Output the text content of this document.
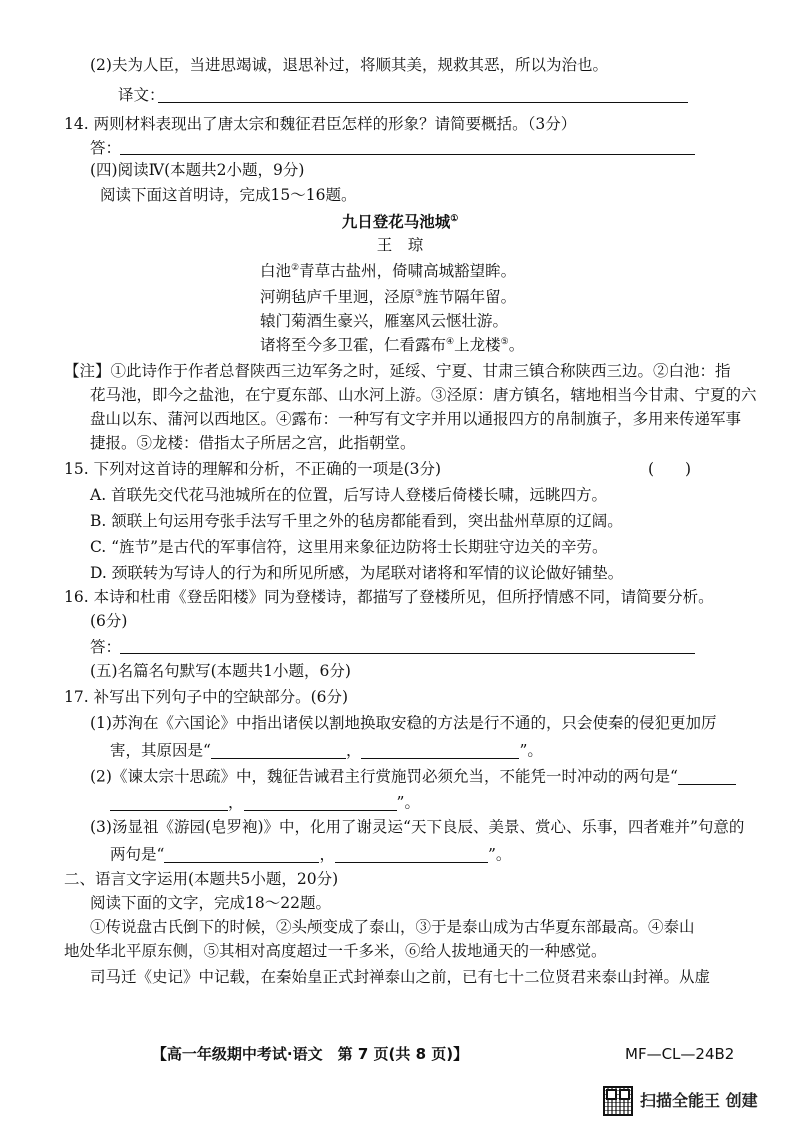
(2)夫为人臣，当进思竭诚，退思补过，将顺其美，规救其恶，所以为治也。
译文：
14. 两则材料表现出了唐太宗和魏征君臣怎样的形象？请简要概括。（3分）
答：
(四)阅读Ⅳ(本题共2小题，9分)
阅读下面这首明诗，完成15～16题。
九日登花马池城①
王　琼
白池②青草古盐州，倚啸高城豁望眸。
河朔毡庐千里迥，泾原③旌节隔年留。
辕门菊酒生豪兴，雁塞风云惬壮游。
诸将至今多卫霍，仁看露布④上龙楼⑤。
【注】①此诗作于作者总督陕西三边军务之时，延绥、宁夏、甘肃三镇合称陕西三边。②白池：指
花马池，即今之盐池，在宁夏东部、山水河上游。③泾原：唐方镇名，辖地相当今甘肃、宁夏的六
盘山以东、蒲河以西地区。④露布：一种写有文字并用以通报四方的帛制旗子，多用来传递军事
捷报。⑤龙楼：借指太子所居之宫，此指朝堂。
15. 下列对这首诗的理解和分析，不正确的一项是(3分)	(　　)
A. 首联先交代花马池城所在的位置，后写诗人登楼后倚楼长啸，远眺四方。
B. 颔联上句运用夸张手法写千里之外的毡房都能看到，突出盐州草原的辽阔。
C. “旌节”是古代的军事信符，这里用来象征边防将士长期驻守边关的辛劳。
D. 颈联转为写诗人的行为和所见所感，为尾联对诸将和军情的议论做好铺垫。
16. 本诗和杜甫《登岳阳楼》同为登楼诗，都描写了登楼所见，但所抒情感不同，请简要分析。
(6分)
答：
(五)名篇名句默写(本题共1小题，6分)
17. 补写出下列句子中的空缺部分。(6分)
(1)苏洵在《六国论》中指出诸侯以割地换取安稳的方法是行不通的，只会使秦的侵犯更加厉
害，其原因是“	，	”。
(2)《谏太宗十思疏》中，魏征告诫君主行赏施罚必须允当，不能凭一时冲动的两句是“
，	”。
(3)汤显祖《游园(皂罗袍)》中，化用了谢灵运“天下良辰、美景、赏心、乐事，四者难并”句意的
两句是“	，	”。
二、语言文字运用(本题共5小题，20分)
阅读下面的文字，完成18～22题。
①传说盘古氏倒下的时候，②头颅变成了泰山，③于是泰山成为古华夏东部最高。④泰山
地处华北平原东侧，⑤其相对高度超过一千多米，⑥给人拔地通天的一种感觉。
司马迁《史记》中记载，在秦始皇正式封禅泰山之前，已有七十二位贤君来泰山封禅。从虚
【高一年级期中考试·语文　第 7 页(共 8 页)】	MF—CL—24B2
扫描全能王 创建
